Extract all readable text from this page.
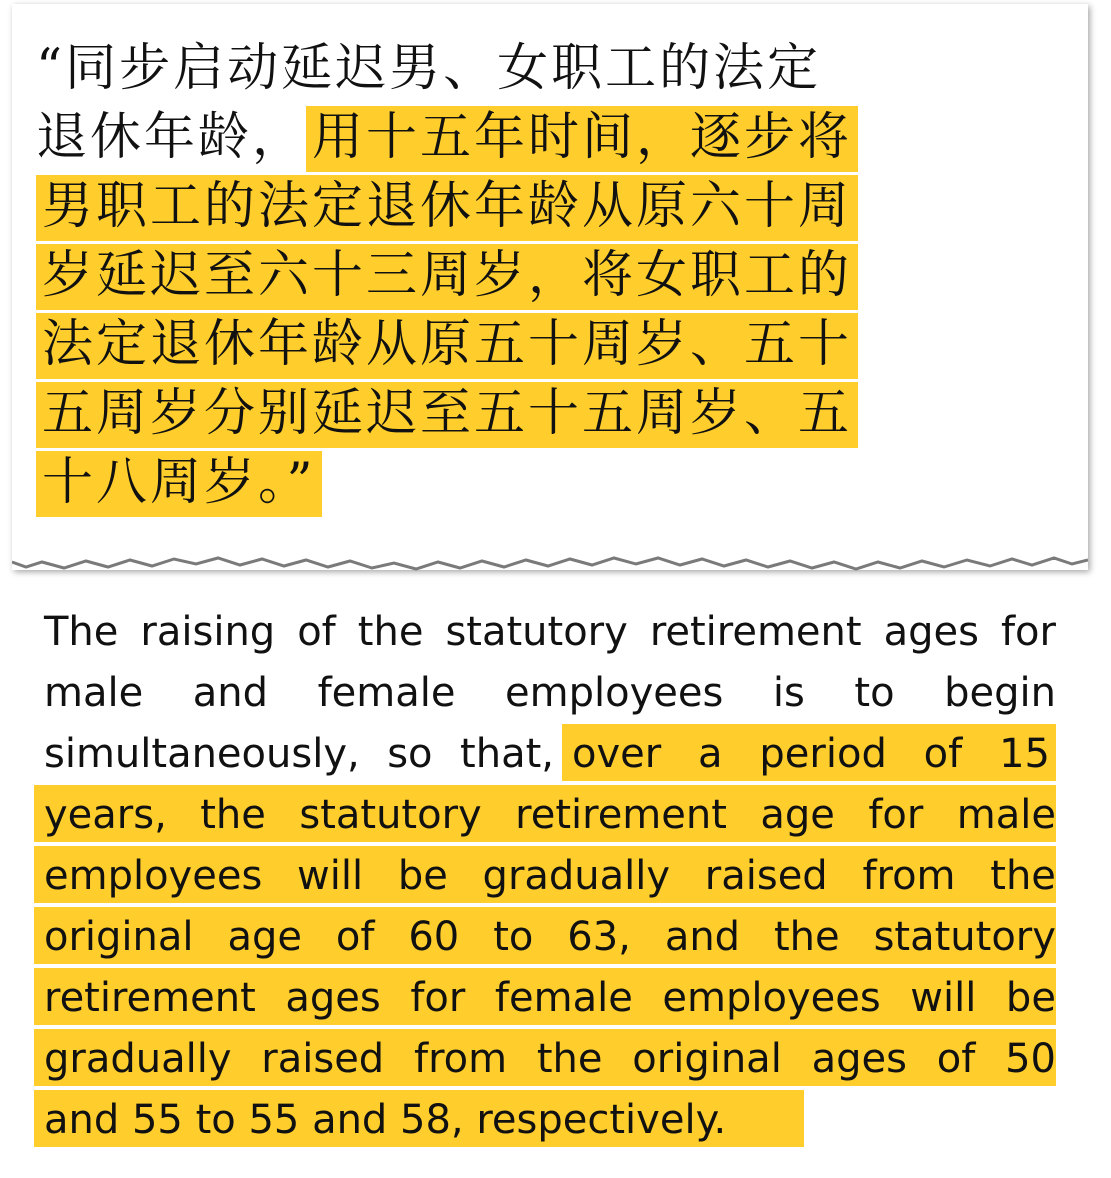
“同步启动延迟男、女职工的法定
退休年龄， 用十五年时间，逐步将
男职工的法定退休年龄从原六十周
岁延迟至六十三周岁，将女职工的
法定退休年龄从原五十周岁、五十
五周岁分别延迟至五十五周岁、五
十八周岁。”
The raising of the statutory retirement ages for
male and female employees is to begin
simultaneously, so that, over a period of 15
years, the statutory retirement age for male
employees will be gradually raised from the
original age of 60 to 63, and the statutory
retirement ages for female employees will be
gradually raised from the original ages of 50
and 55 to 55 and 58, respectively.
